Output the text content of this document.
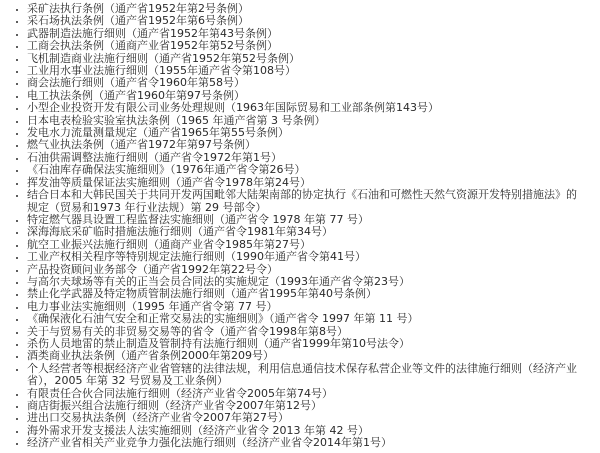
• 采矿法执行条例（通产省1952年第2号条例）
• 采石场执法条例（通产省1952年第6号条例）
• 武器制造法施行细则（通产省1952年第43号条例）
• 工商会执法条例（通商产业省1952年第52号条例）
• 飞机制造商业法施行细则（通产省1952年第52号条例）
• 工业用水事业法施行细则（1955年通产省令第108号）
• 商会法施行细则（通产省令1960年第58号）
• 电工执法条例（通产省1960年第97号条例）
• 小型企业投资开发有限公司业务处理规则（1963年国际贸易和工业部条例第143号）
• 日本电表检验实验室执法条例（1965 年通产省第 3 号条例）
• 发电水力流量测量规定（通产省1965年第55号条例）
• 燃气业执法条例（通产省1972年第97号条例）
• 石油供需调整法施行细则（通产省令1972年第1号）
• 《石油库存确保法实施细则》（1976年通产省令第26号）
• 挥发油等质量保证法实施细则（通产省令1978年第24号）
• 结合日本和大韩民国关于共同开发两国毗邻大陆架南部的协定执行《石油和可燃性天然气资源开发特别措施法》的规定（贸易和1973 年行业法规）第 29 号部令）
• 特定燃气器具设置工程监督法实施细则（通产省令 1978 年第 77 号）
• 深海海底采矿临时措施法施行细则（通产省令1981年第34号）
• 航空工业振兴法施行细则（通商产业省令1985年第27号）
• 工业产权相关程序等特别规定法施行细则（1990年通产省令第41号）
• 产品投资顾问业务部令（通产省1992年第22号令）
• 与高尔夫球场等有关的正当会员合同法的实施规定（1993年通产省令第23号）
• 禁止化学武器及特定物质管制法施行细则（通产省1995年第40号条例）
• 电力事业法实施细则（1995 年通产省令第 77 号）
• 《确保液化石油气安全和正常交易法的实施细则》（通产省令 1997 年第 11 号）
• 关于与贸易有关的非贸易交易等的省令（通产省令1998年第8号）
• 杀伤人员地雷的禁止制造及管制持有法施行细则（通产省1999年第10号法令）
• 酒类商业执法条例（通产省条例2000年第209号）
• 个人经营者等根据经济产业省管辖的法律法规，利用信息通信技术保存私营企业等文件的法律施行细则（经济产业省），2005 年第 32 号贸易及工业条例）
• 有限责任合伙合同法施行细则（经济产业省令2005年第74号）
• 商店街振兴组合法施行细则（经济产业省令2007年第12号）
• 进出口交易执法条例（经济产业省令2007年第27号）
• 海外需求开发支援法人法实施细则（经济产业省令 2013 年第 42 号）
• 经济产业省相关产业竞争力强化法施行细则（经济产业省令2014年第1号）
